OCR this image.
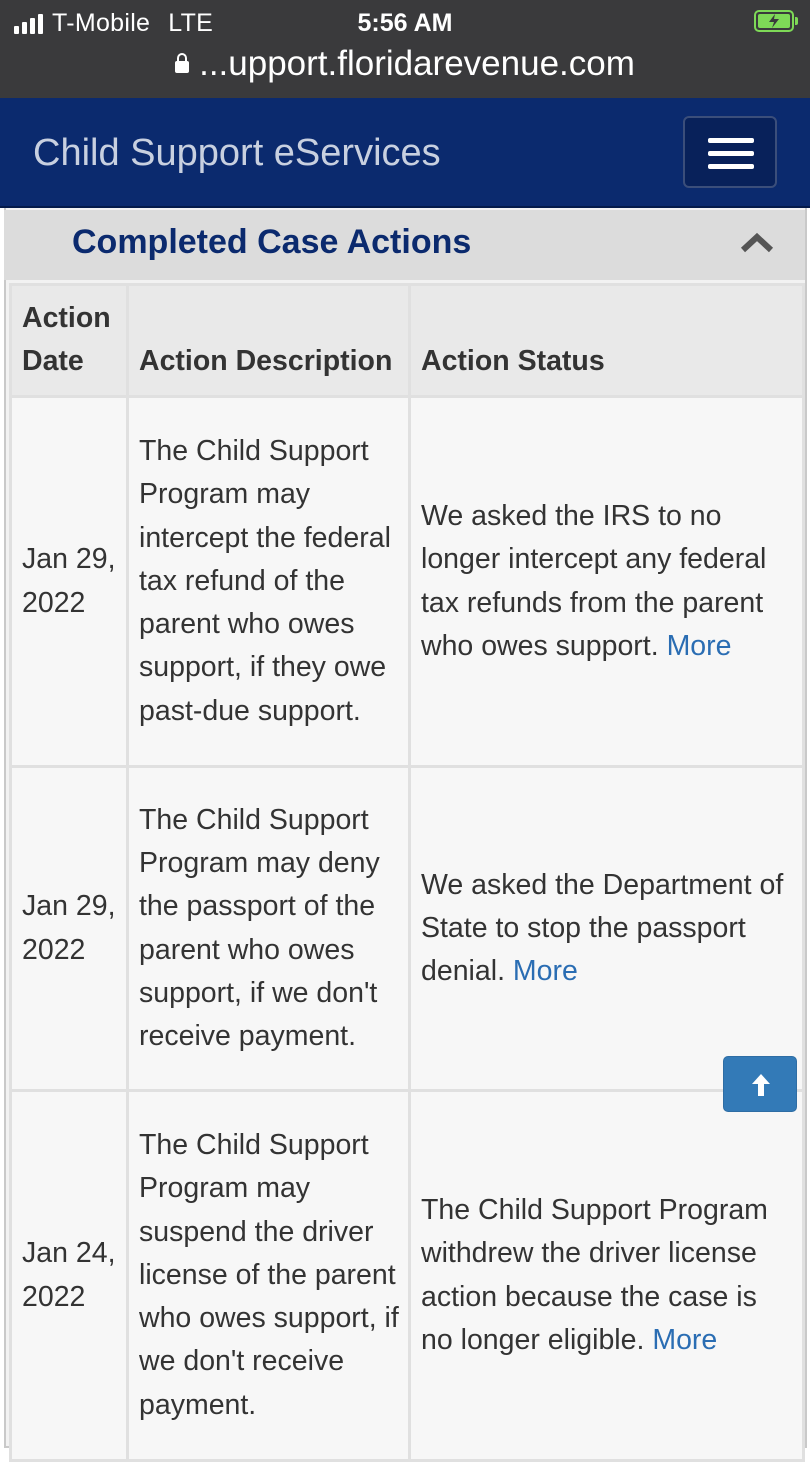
T-Mobile LTE	5:56 AM
...upport.floridarevenue.com
Child Support eServices
Completed Case Actions
Action Date	Action Description	Action Status
Jan 29, 2022	The Child Support Program may intercept the federal tax refund of the parent who owes support, if they owe past-due support.	We asked the IRS to no longer intercept any federal tax refunds from the parent who owes support. More
Jan 29, 2022	The Child Support Program may deny the passport of the parent who owes support, if we don't receive payment.	We asked the Department of State to stop the passport denial. More
Jan 24, 2022	The Child Support Program may suspend the driver license of the parent who owes support, if we don't receive payment.	The Child Support Program withdrew the driver license action because the case is no longer eligible. More
